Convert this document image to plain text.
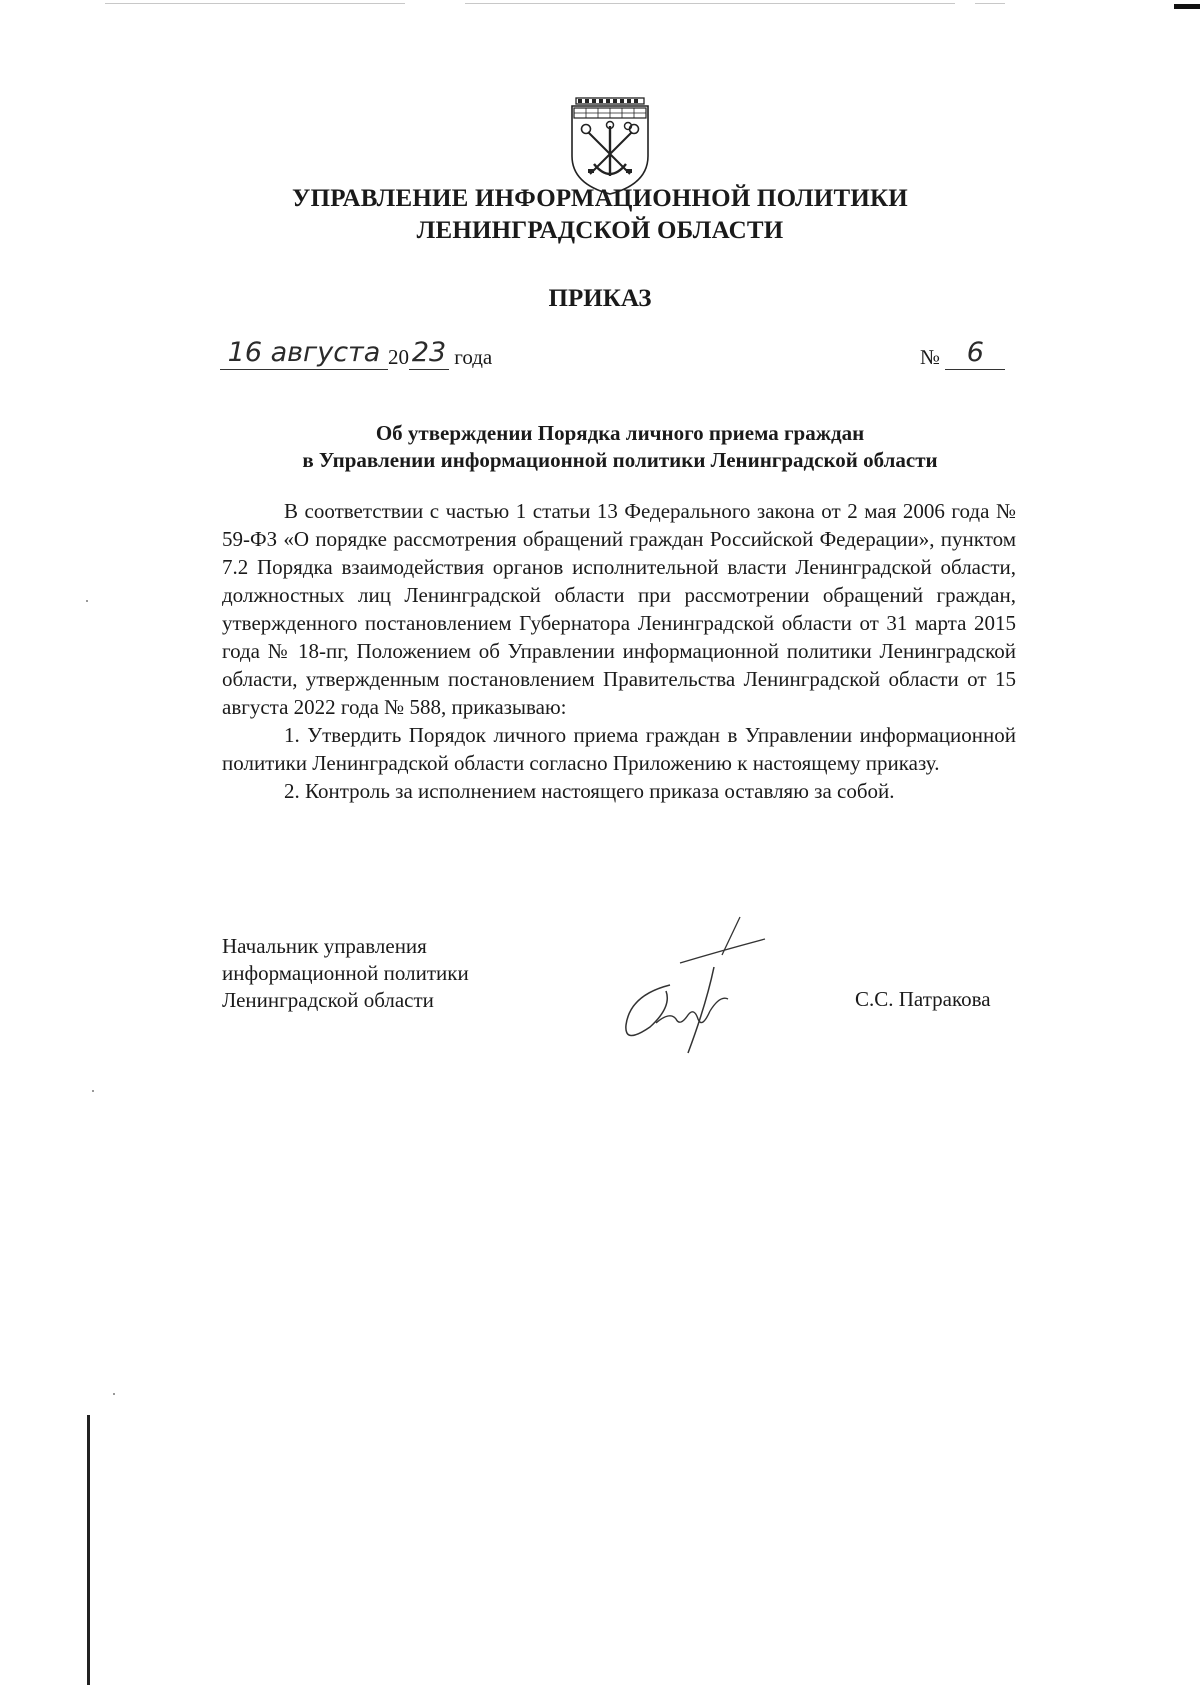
УПРАВЛЕНИЕ ИНФОРМАЦИОННОЙ ПОЛИТИКИ
ЛЕНИНГРАДСКОЙ ОБЛАСТИ
ПРИКАЗ
16 августа 20 23 года	№ 6
Об утверждении Порядка личного приема граждан
в Управлении информационной политики Ленинградской области

В соответствии с частью 1 статьи 13 Федерального закона от 2 мая 2006 года № 59-ФЗ «О порядке рассмотрения обращений граждан Российской Федерации», пунктом 7.2 Порядка взаимодействия органов исполнительной власти Ленинградской области, должностных лиц Ленинградской области при рассмотрении обращений граждан, утвержденного постановлением Губернатора Ленинградской области от 31 марта 2015 года № 18-пг, Положением об Управлении информационной политики Ленинградской области, утвержденным постановлением Правительства Ленинградской области от 15 августа 2022 года № 588, приказываю:

1. Утвердить Порядок личного приема граждан в Управлении информационной политики Ленинградской области согласно Приложению к настоящему приказу.

2. Контроль за исполнением настоящего приказа оставляю за собой.

Начальник управления
информационной политики
Ленинградской области	С.С. Патракова
